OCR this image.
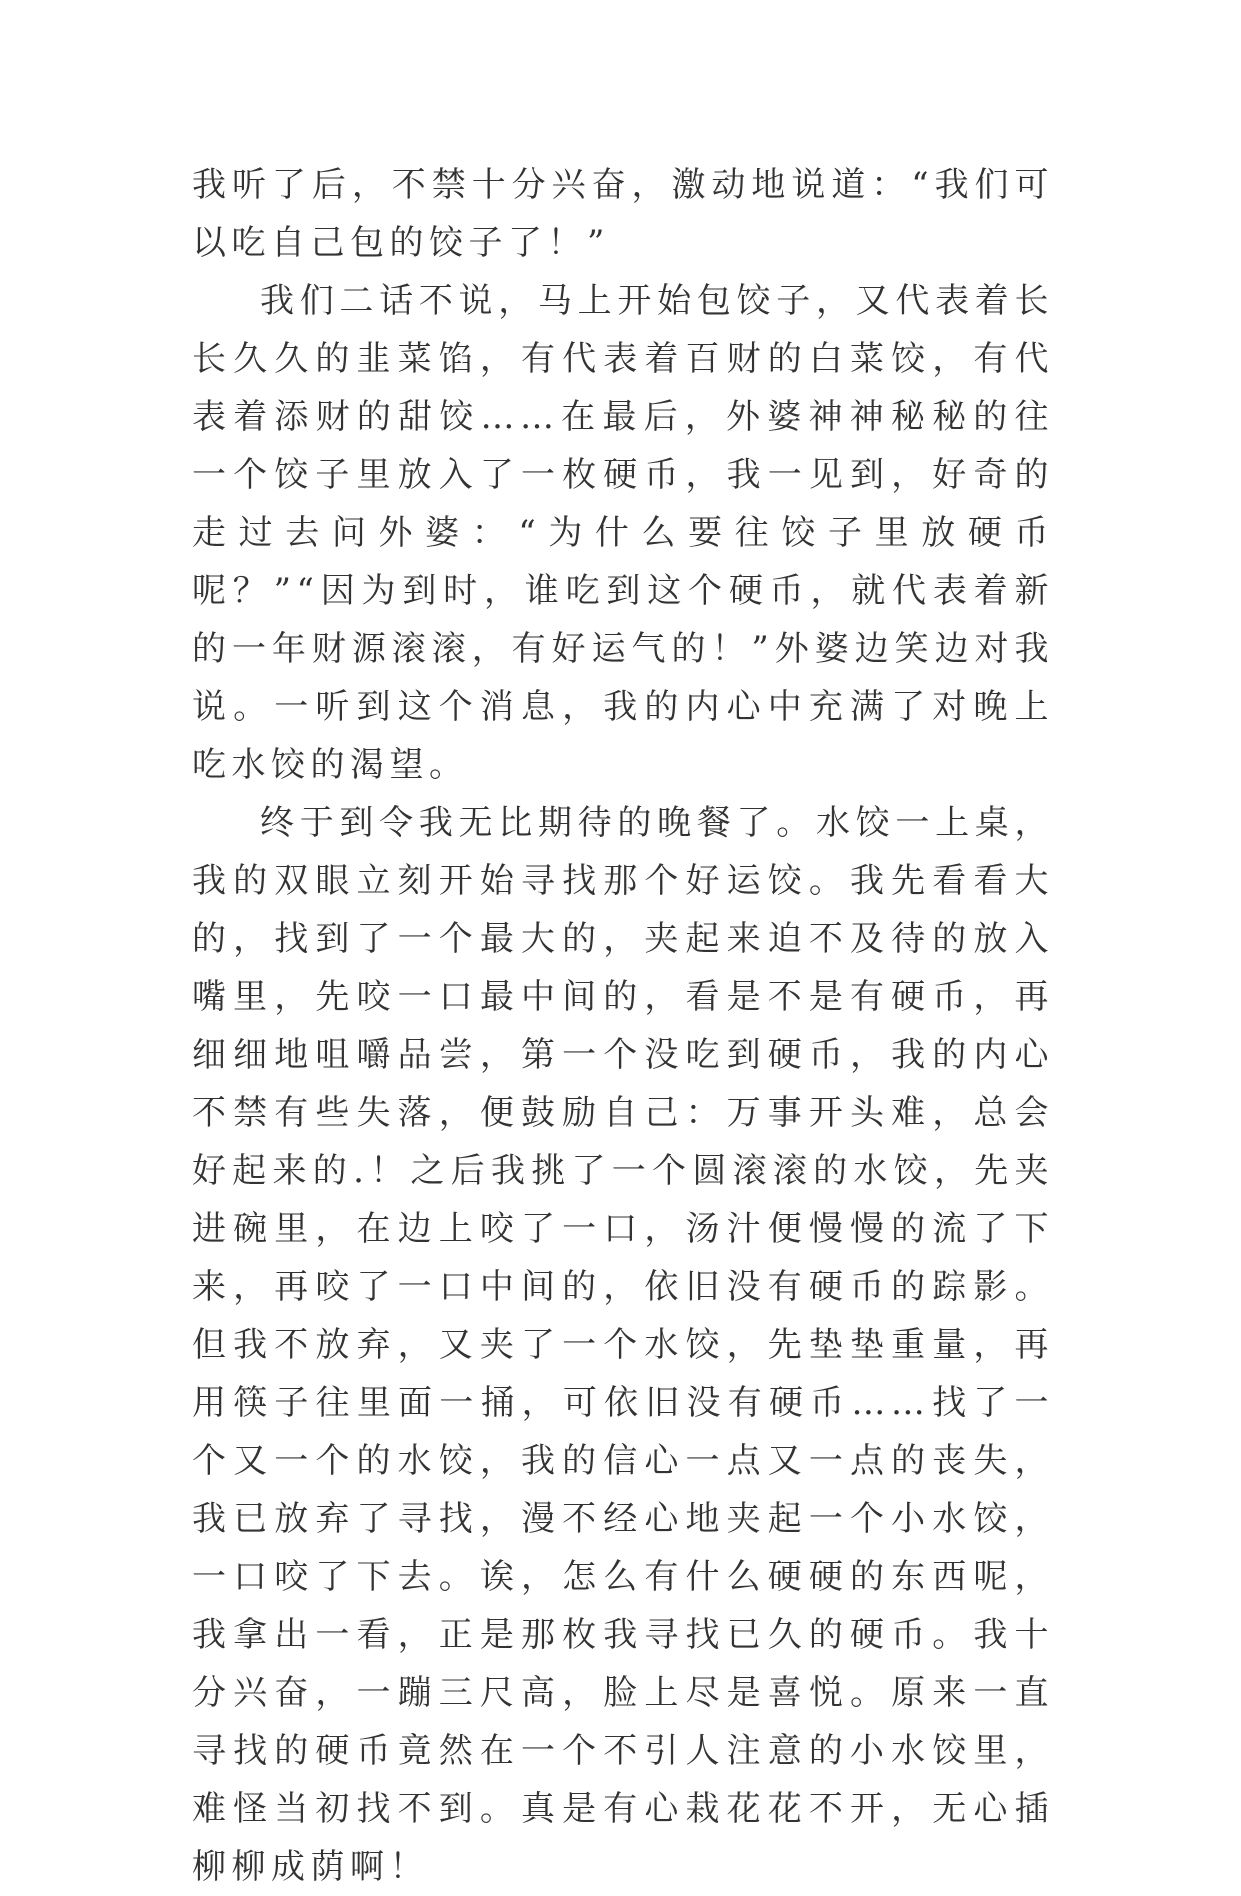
我听了后，不禁十分兴奋，激动地说道：“我们可以吃自己包的饺子了！”

我们二话不说，马上开始包饺子，又代表着长长久久的韭菜馅，有代表着百财的白菜饺，有代表着添财的甜饺……在最后，外婆神神秘秘的往一个饺子里放入了一枚硬币，我一见到，好奇的走过去问外婆：“为什么要往饺子里放硬币呢？”“因为到时，谁吃到这个硬币，就代表着新的一年财源滚滚，有好运气的！”外婆边笑边对我说。一听到这个消息，我的内心中充满了对晚上吃水饺的渴望。

终于到令我无比期待的晚餐了。水饺一上桌，我的双眼立刻开始寻找那个好运饺。我先看看大的，找到了一个最大的，夹起来迫不及待的放入嘴里，先咬一口最中间的，看是不是有硬币，再细细地咀嚼品尝，第一个没吃到硬币，我的内心不禁有些失落，便鼓励自己：万事开头难，总会好起来的.！之后我挑了一个圆滚滚的水饺，先夹进碗里，在边上咬了一口，汤汁便慢慢的流了下来，再咬了一口中间的，依旧没有硬币的踪影。但我不放弃，又夹了一个水饺，先垫垫重量，再用筷子往里面一捅，可依旧没有硬币……找了一个又一个的水饺，我的信心一点又一点的丧失，我已放弃了寻找，漫不经心地夹起一个小水饺，一口咬了下去。诶，怎么有什么硬硬的东西呢，我拿出一看，正是那枚我寻找已久的硬币。我十分兴奋，一蹦三尺高，脸上尽是喜悦。原来一直寻找的硬币竟然在一个不引人注意的小水饺里，难怪当初找不到。真是有心栽花花不开，无心插柳柳成荫啊！
